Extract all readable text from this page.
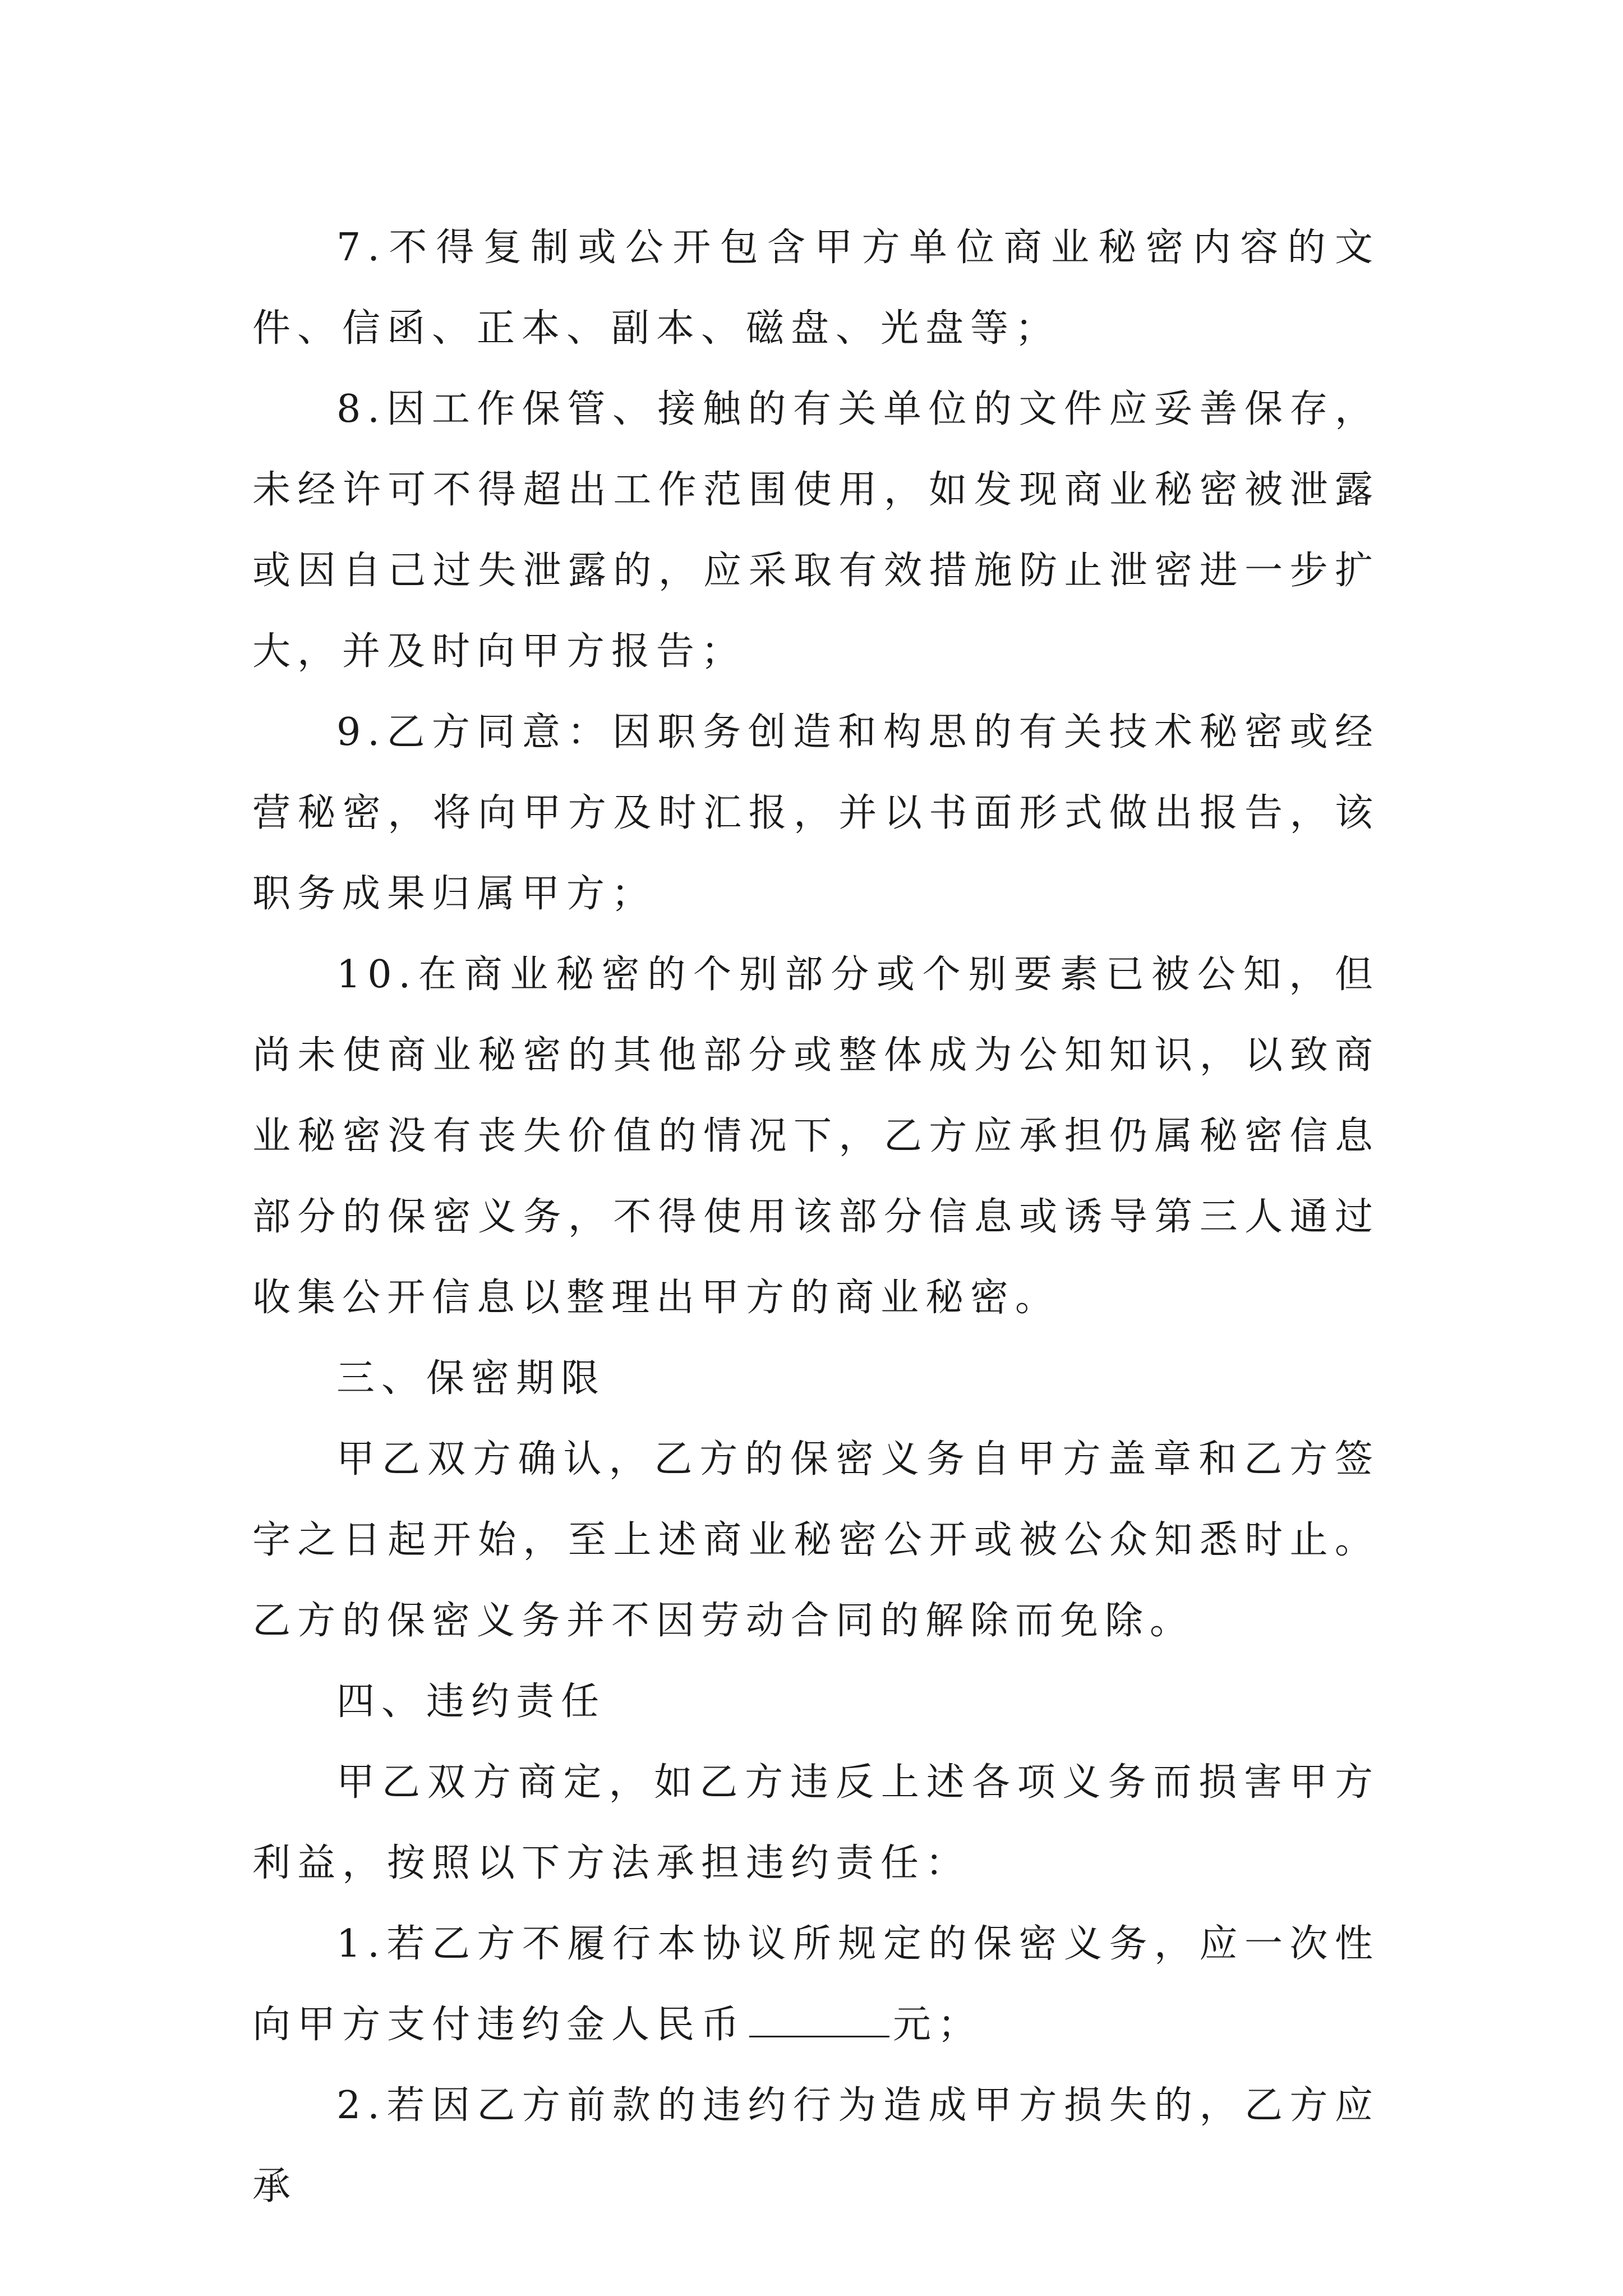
7.不得复制或公开包含甲方单位商业秘密内容的文件、信函、正本、副本、磁盘、光盘等；

8.因工作保管、接触的有关单位的文件应妥善保存，未经许可不得超出工作范围使用，如发现商业秘密被泄露或因自己过失泄露的，应采取有效措施防止泄密进一步扩大，并及时向甲方报告；

9.乙方同意：因职务创造和构思的有关技术秘密或经营秘密，将向甲方及时汇报，并以书面形式做出报告，该职务成果归属甲方；

10.在商业秘密的个别部分或个别要素已被公知，但尚未使商业秘密的其他部分或整体成为公知知识，以致商业秘密没有丧失价值的情况下，乙方应承担仍属秘密信息部分的保密义务，不得使用该部分信息或诱导第三人通过收集公开信息以整理出甲方的商业秘密。

三、保密期限

甲乙双方确认，乙方的保密义务自甲方盖章和乙方签字之日起开始，至上述商业秘密公开或被公众知悉时止。乙方的保密义务并不因劳动合同的解除而免除。

四、违约责任

甲乙双方商定，如乙方违反上述各项义务而损害甲方利益，按照以下方法承担违约责任：

1.若乙方不履行本协议所规定的保密义务，应一次性向甲方支付违约金人民币	元；

2.若因乙方前款的违约行为造成甲方损失的，乙方应承
